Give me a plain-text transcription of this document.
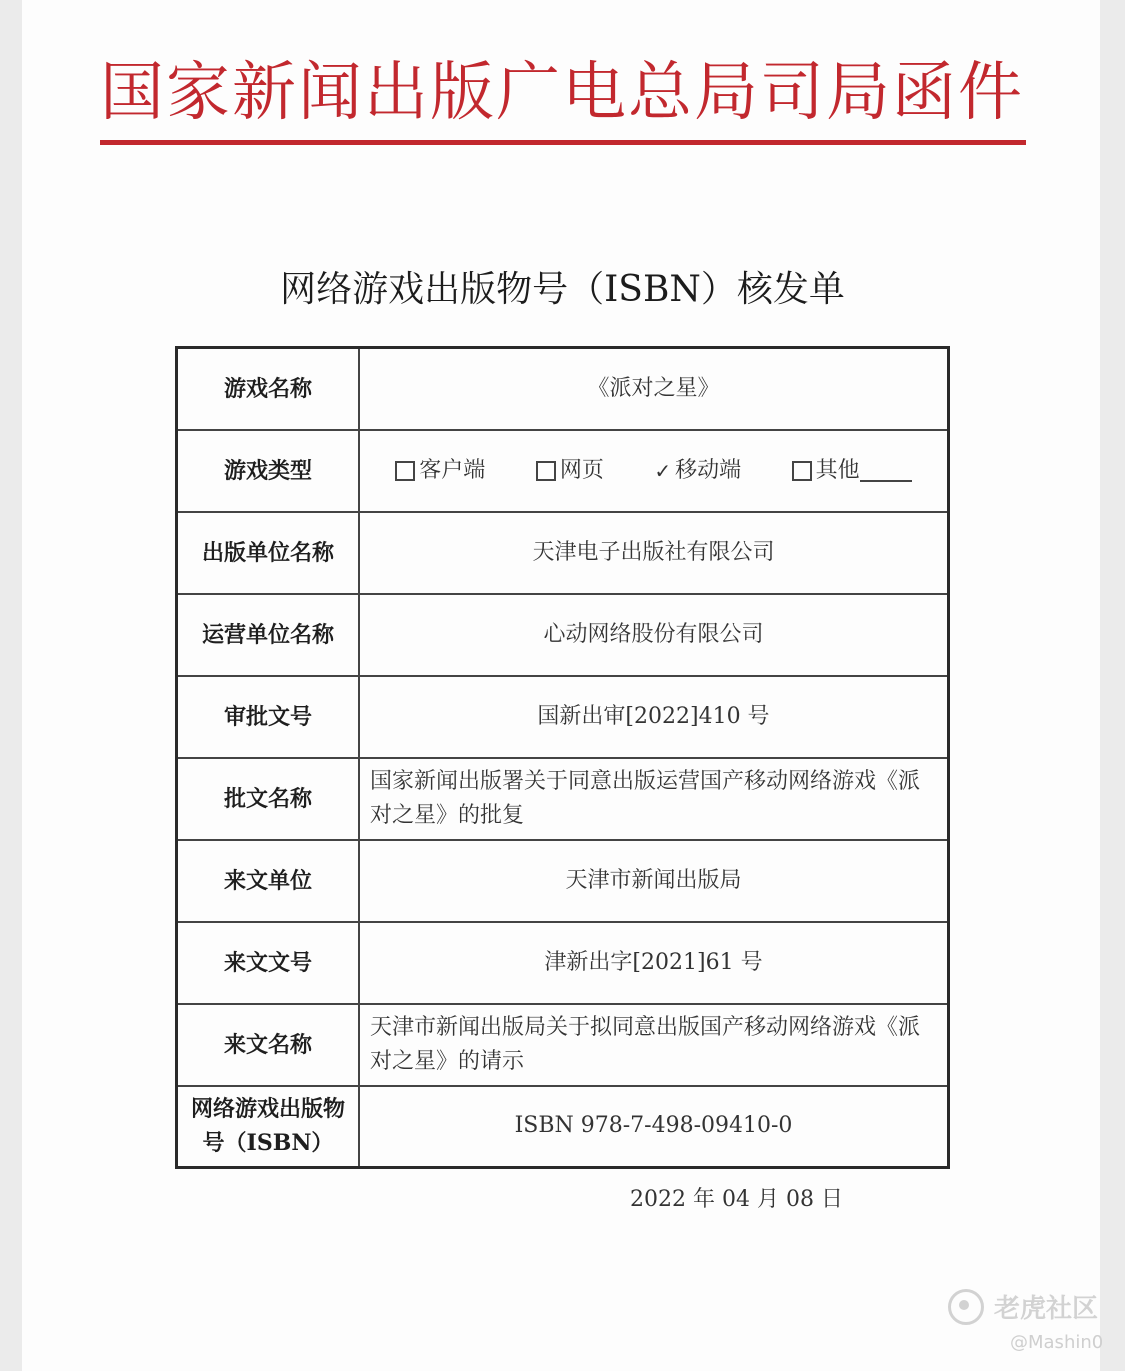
国家新闻出版广电总局司局函件
网络游戏出版物号（ISBN）核发单
游戏名称	《派对之星》
游戏类型	客户端 网页 ✓ 移动端 其他

出版单位名称	天津电子出版社有限公司
运营单位名称	心动网络股份有限公司
审批文号	国新出审[2022]410 号
批文名称	国家新闻出版署关于同意出版运营国产移动网络游戏《派对之星》的批复
来文单位	天津市新闻出版局
来文文号	津新出字[2021]61 号
来文名称	天津市新闻出版局关于拟同意出版国产移动网络游戏《派对之星》的请示
网络游戏出版物号（ISBN）	ISBN 978-7-498-09410-0
2022 年 04 月 08 日
老虎社区
@Mashin0
